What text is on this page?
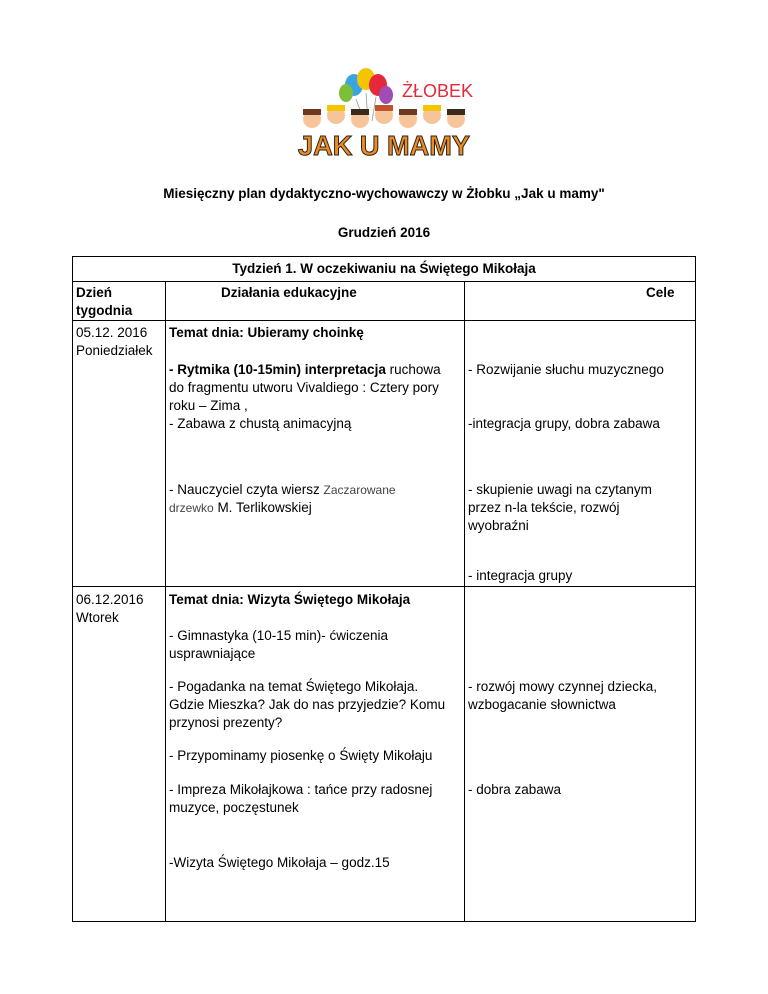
ŻŁOBEK
JAK U MAMY
Miesięczny plan dydaktyczno-wychowawczy w Żłobku „Jak u mamy"
Grudzień 2016
Tydzień 1. W oczekiwaniu na Świętego Mikołaja
Dzień
tygodnia
Działania edukacyjne	Cele
05.12. 2016
Poniedziałek
Temat dnia: Ubieramy choinkę
- Rytmika (10-15min) interpretacja ruchowa
do fragmentu utworu Vivaldiego : Cztery pory
roku – Zima ,
- Zabawa z chustą animacyjną
- Rozwijanie słuchu muzycznego
-integracja grupy, dobra zabawa
- Nauczyciel czyta wiersz Zaczarowane
drzewko M. Terlikowskiej
- skupienie uwagi na czytanym
przez n-la tekście, rozwój
wyobraźni
- integracja grupy
06.12.2016
Wtorek
Temat dnia: Wizyta Świętego Mikołaja
- Gimnastyka (10-15 min)- ćwiczenia
usprawniające
- Pogadanka na temat Świętego Mikołaja.
Gdzie Mieszka? Jak do nas przyjedzie? Komu
przynosi prezenty?
- rozwój mowy czynnej dziecka,
wzbogacanie słownictwa
- Przypominamy piosenkę o Święty Mikołaju
- Impreza Mikołajkowa : tańce przy radosnej
muzyce, poczęstunek
- dobra zabawa
-Wizyta Świętego Mikołaja – godz.15
